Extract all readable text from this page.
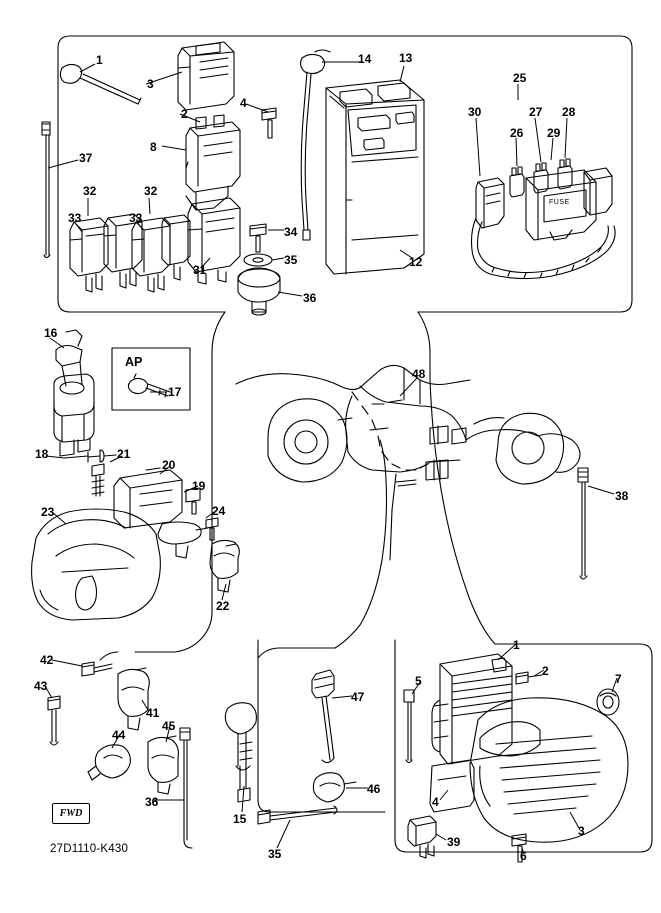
1
3
2
8
4
14 13
12
37
32	32
33	33
31
34
35
36
25
30	27 28
26 29
16
17
18	21
20
19
24
23
22
48
38
42
43
41
44
45
36
15
35
47
46
5
1
2
7
4
3
6
39
AP
FUSE
FWD
27D1110-K430
